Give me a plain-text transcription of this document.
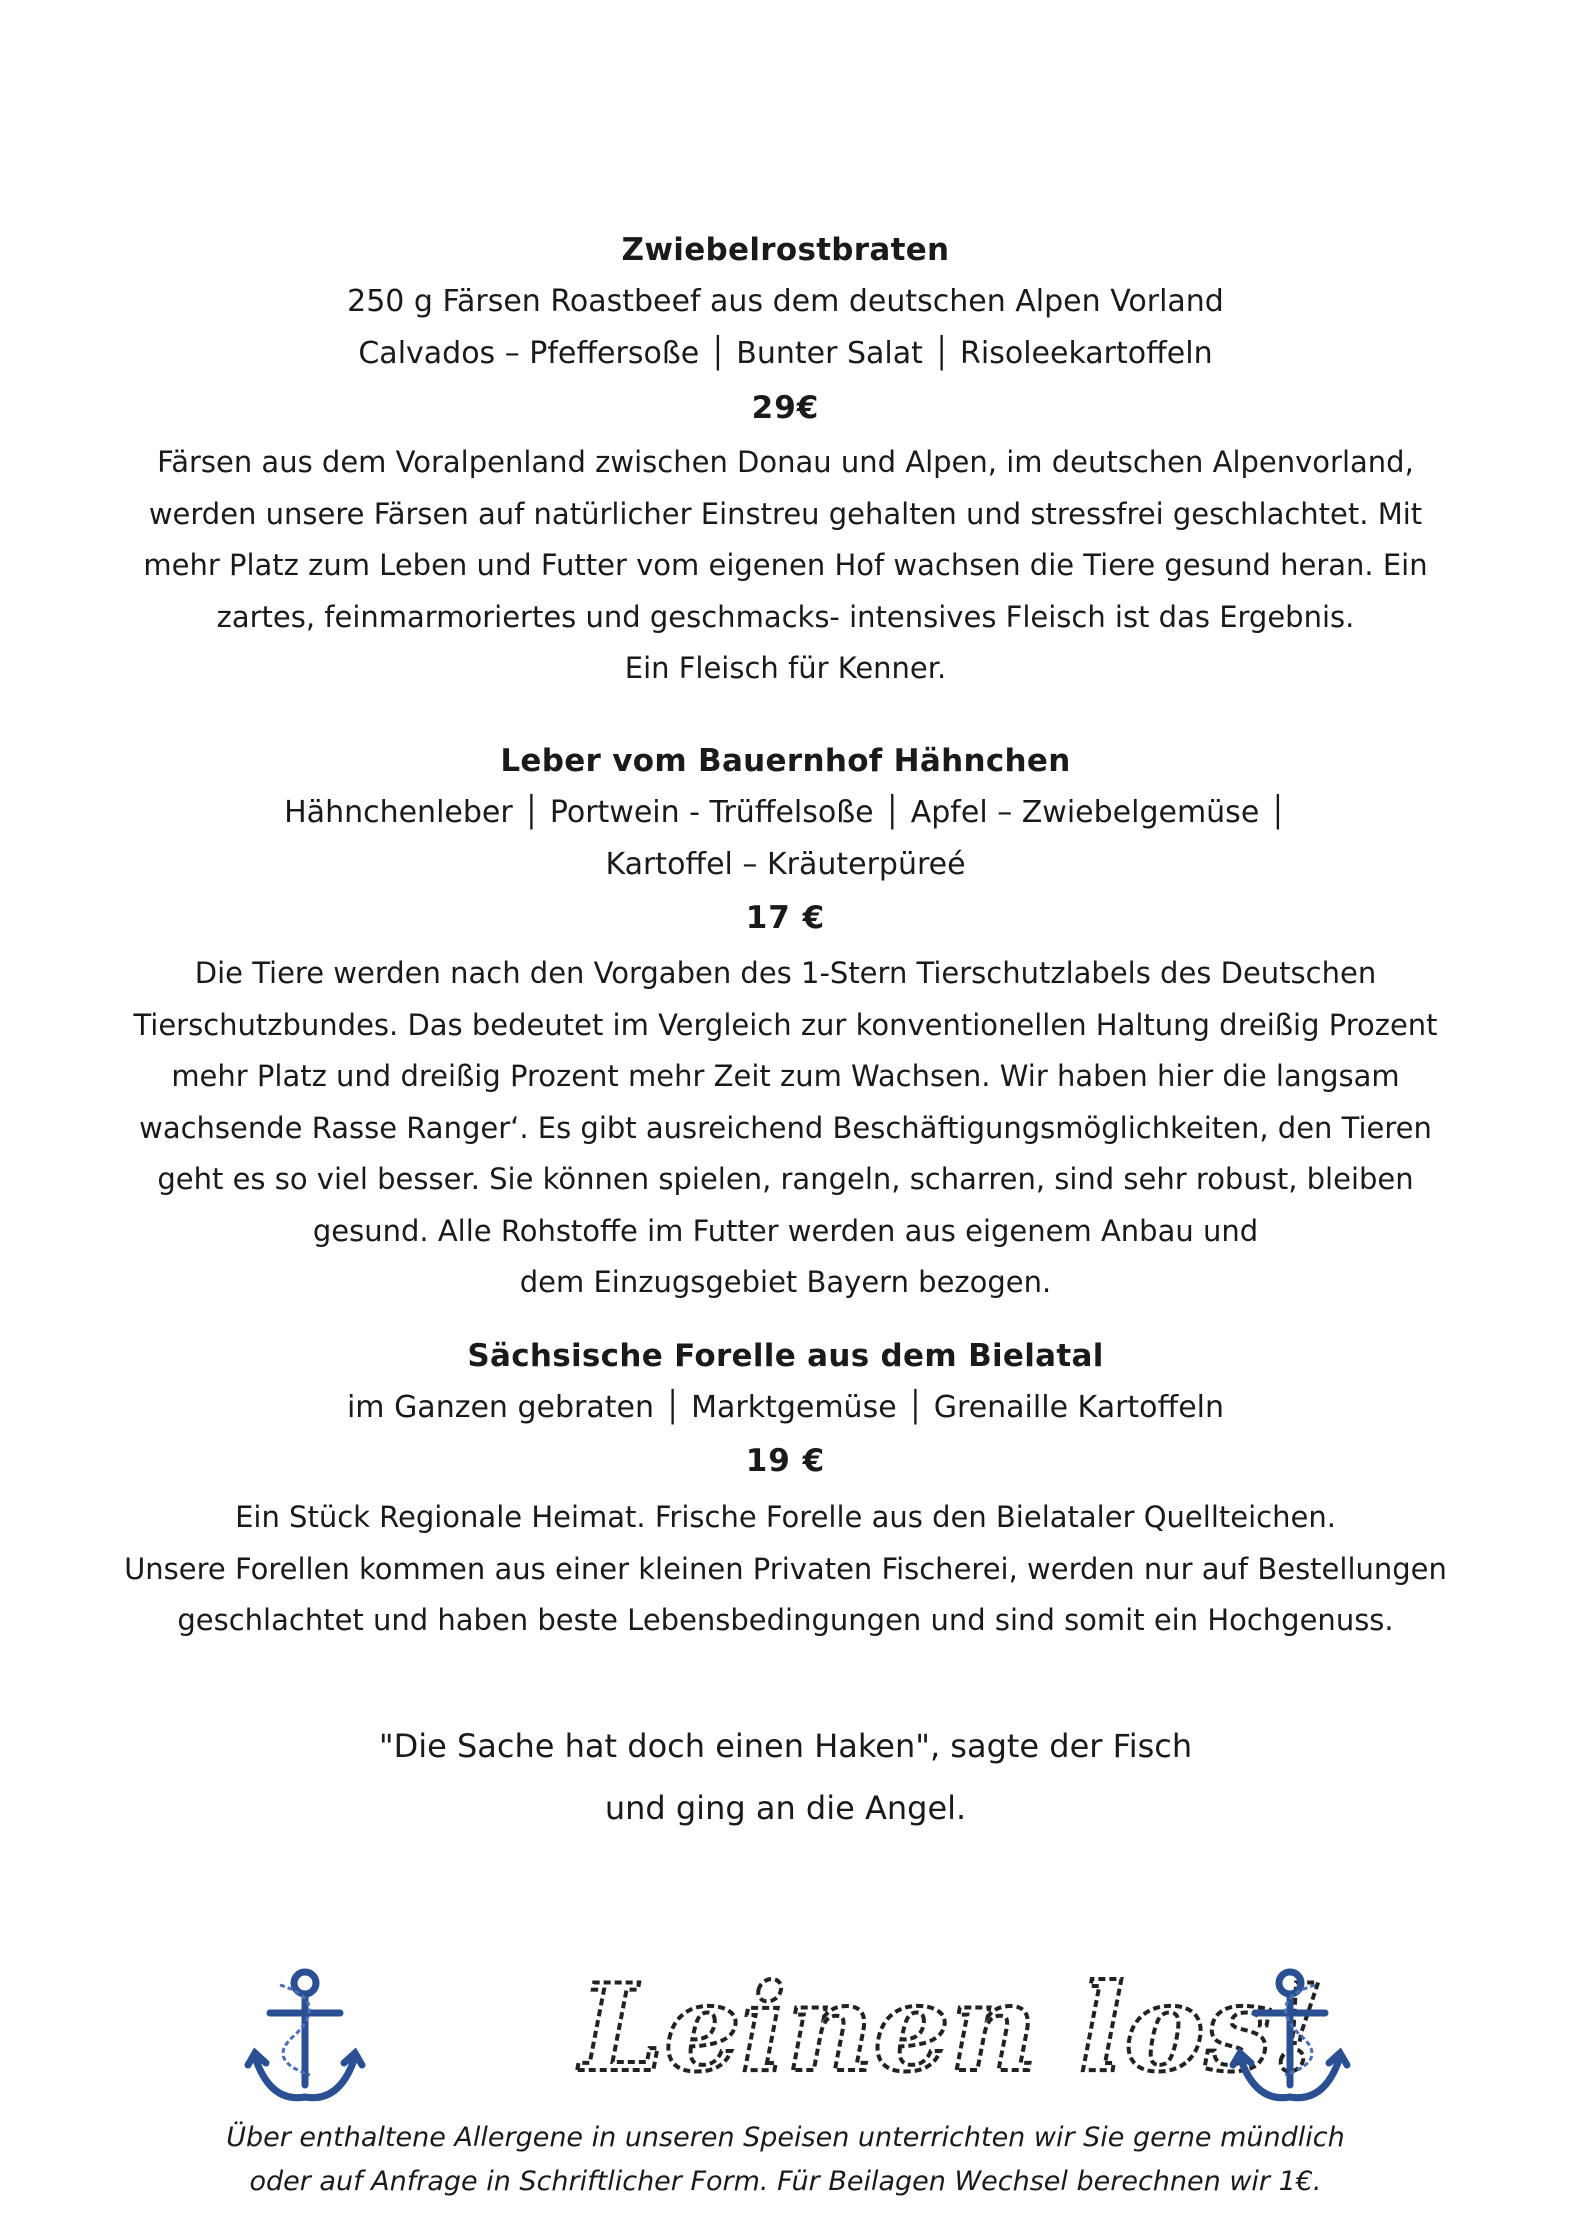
Zwiebelrostbraten
250 g Färsen Roastbeef aus dem deutschen Alpen Vorland
Calvados – Pfeffersoße │ Bunter Salat │ Risoleekartoffeln
29€
Färsen aus dem Voralpenland zwischen Donau und Alpen, im deutschen Alpenvorland,
werden unsere Färsen auf natürlicher Einstreu gehalten und stressfrei geschlachtet. Mit
mehr Platz zum Leben und Futter vom eigenen Hof wachsen die Tiere gesund heran. Ein
zartes, feinmarmoriertes und geschmacks- intensives Fleisch ist das Ergebnis.
Ein Fleisch für Kenner.
Leber vom Bauernhof Hähnchen
Hähnchenleber │ Portwein - Trüffelsoße │ Apfel – Zwiebelgemüse │
Kartoffel – Kräuterpüreé
17 €
Die Tiere werden nach den Vorgaben des 1-Stern Tierschutzlabels des Deutschen
Tierschutzbundes. Das bedeutet im Vergleich zur konventionellen Haltung dreißig Prozent
mehr Platz und dreißig Prozent mehr Zeit zum Wachsen. Wir haben hier die langsam
wachsende Rasse Ranger‘. Es gibt ausreichend Beschäftigungsmöglichkeiten, den Tieren
geht es so viel besser. Sie können spielen, rangeln, scharren, sind sehr robust, bleiben
gesund. Alle Rohstoffe im Futter werden aus eigenem Anbau und
dem Einzugsgebiet Bayern bezogen.
Sächsische Forelle aus dem Bielatal
im Ganzen gebraten │ Marktgemüse │ Grenaille Kartoffeln
19 €
Ein Stück Regionale Heimat. Frische Forelle aus den Bielataler Quellteichen.
Unsere Forellen kommen aus einer kleinen Privaten Fischerei, werden nur auf Bestellungen
geschlachtet und haben beste Lebensbedingungen und sind somit ein Hochgenuss.
"Die Sache hat doch einen Haken", sagte der Fisch
und ging an die Angel.
Leinen los!
Über enthaltene Allergene in unseren Speisen unterrichten wir Sie gerne mündlich
oder auf Anfrage in Schriftlicher Form. Für Beilagen Wechsel berechnen wir 1€.
